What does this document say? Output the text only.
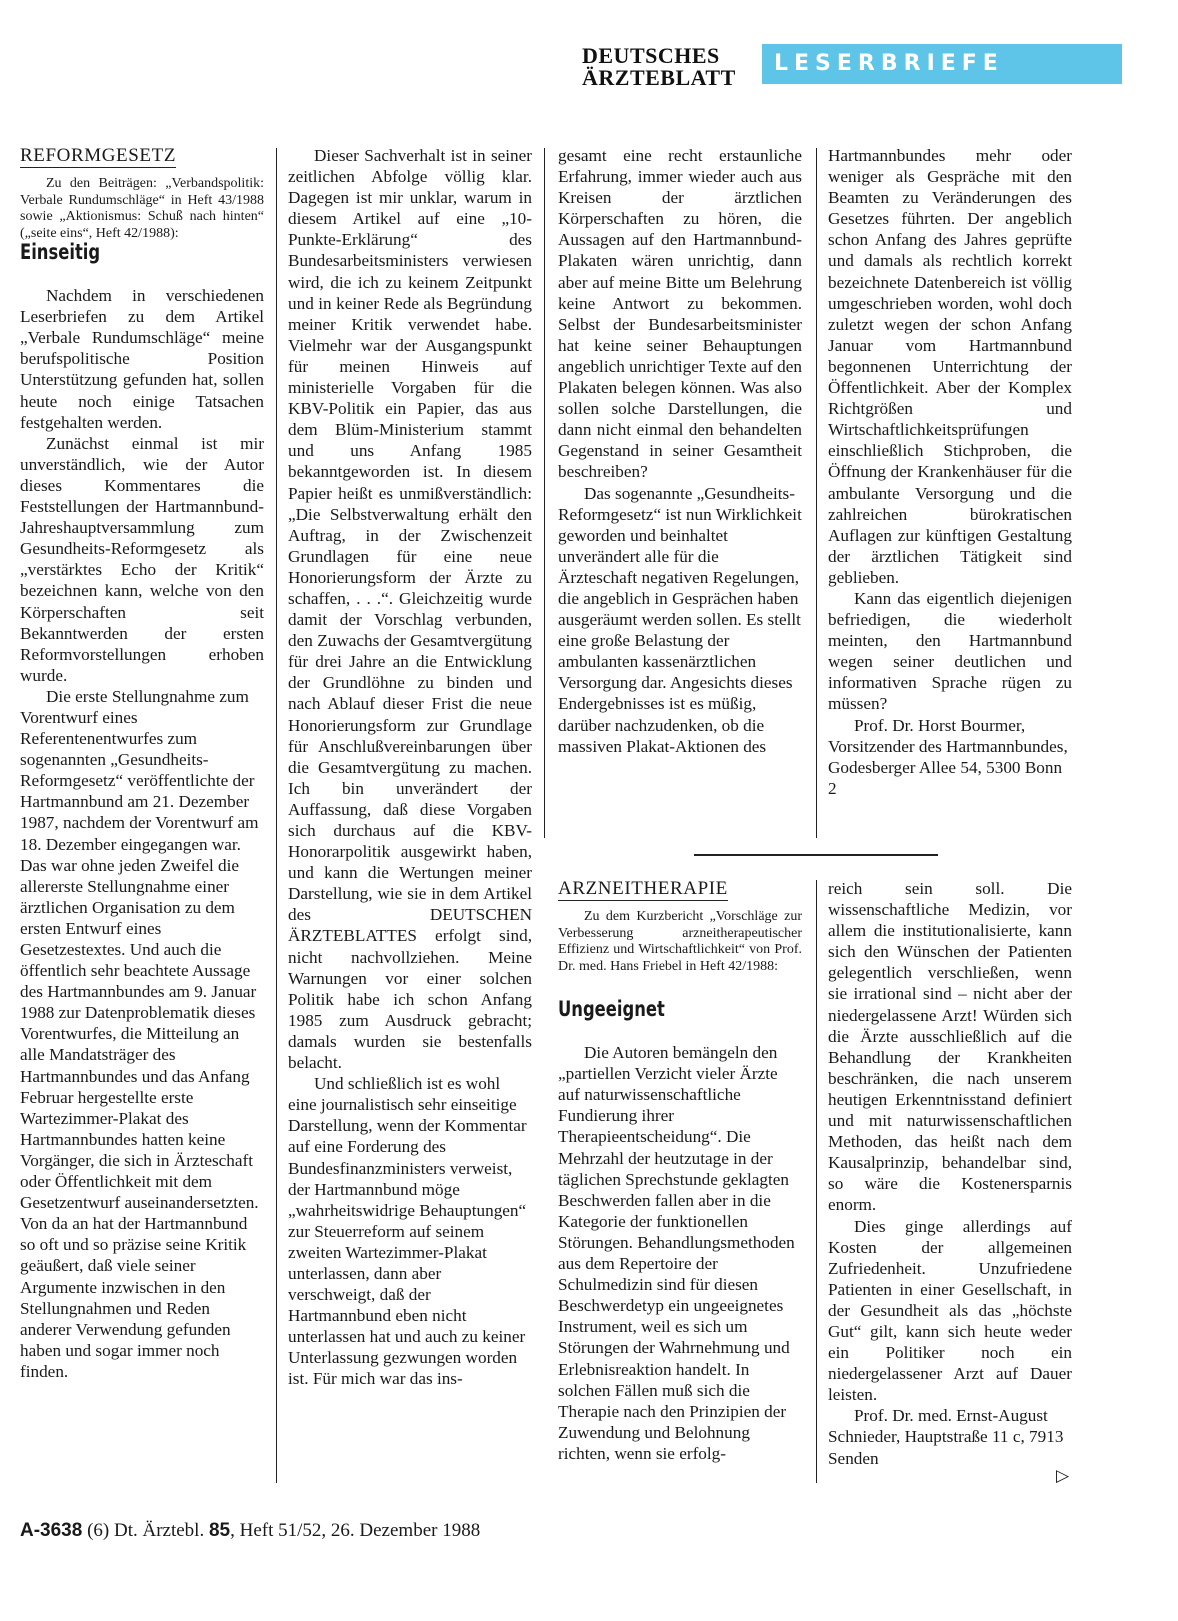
DEUTSCHES
ÄRZTEBLATT
LESERBRIEFE
REFORMGESETZ

Zu den Beiträgen: „Verbandspolitik: Verbale Rundumschläge“ in Heft 43/1988 sowie „Aktionismus: Schuß nach hinten“ („seite eins“, Heft 42/1988):

Einseitig

Nachdem in verschiedenen Leserbriefen zu dem Artikel „Verbale Rundumschläge“ meine berufspolitische Position Unterstützung gefunden hat, sollen heute noch einige Tatsachen festgehalten werden.

Zunächst einmal ist mir unverständlich, wie der Autor dieses Kommentares die Feststellungen der Hartmannbund-Jahreshauptversammlung zum Gesundheits-Reformgesetz als „verstärktes Echo der Kritik“ bezeichnen kann, welche von den Körperschaften seit Bekanntwerden der ersten Reformvorstellungen erhoben wurde.

Die erste Stellungnahme zum Vorentwurf eines Referentenentwurfes zum sogenannten „Gesundheits-Reformgesetz“ veröffentlichte der Hartmannbund am 21. Dezember 1987, nachdem der Vorentwurf am 18. Dezember eingegangen war. Das war ohne jeden Zweifel die allererste Stellungnahme einer ärztlichen Organisation zu dem ersten Entwurf eines Gesetzestextes. Und auch die öffentlich sehr beachtete Aussage des Hartmannbundes am 9. Januar 1988 zur Datenproblematik dieses Vorentwurfes, die Mitteilung an alle Mandatsträger des Hartmannbundes und das Anfang Februar hergestellte erste Wartezimmer-Plakat des Hartmannbundes hatten keine Vorgänger, die sich in Ärzteschaft oder Öffentlichkeit mit dem Gesetzentwurf auseinandersetzten. Von da an hat der Hartmannbund so oft und so präzise seine Kritik geäußert, daß viele seiner Argumente inzwischen in den Stellungnahmen und Reden anderer Verwendung gefunden haben und sogar immer noch finden.

Dieser Sachverhalt ist in seiner zeitlichen Abfolge völlig klar. Dagegen ist mir unklar, warum in diesem Artikel auf eine „10-Punkte-Erklärung“ des Bundesarbeitsministers verwiesen wird, die ich zu keinem Zeitpunkt und in keiner Rede als Begründung meiner Kritik verwendet habe. Vielmehr war der Ausgangspunkt für meinen Hinweis auf ministerielle Vorgaben für die KBV-Politik ein Papier, das aus dem Blüm-Ministerium stammt und uns Anfang 1985 bekanntgeworden ist. In diesem Papier heißt es unmißverständlich: „Die Selbstverwaltung erhält den Auftrag, in der Zwischenzeit Grundlagen für eine neue Honorierungsform der Ärzte zu schaffen, . . .“. Gleichzeitig wurde damit der Vorschlag verbunden, den Zuwachs der Gesamtvergütung für drei Jahre an die Entwicklung der Grundlöhne zu binden und nach Ablauf dieser Frist die neue Honorierungsform zur Grundlage für Anschlußvereinbarungen über die Gesamtvergütung zu machen. Ich bin unverändert der Auffassung, daß diese Vorgaben sich durchaus auf die KBV-Honorarpolitik ausgewirkt haben, und kann die Wertungen meiner Darstellung, wie sie in dem Artikel des DEUTSCHEN ÄRZTEBLATTES erfolgt sind, nicht nachvollziehen. Meine Warnungen vor einer solchen Politik habe ich schon Anfang 1985 zum Ausdruck gebracht; damals wurden sie bestenfalls belacht.

Und schließlich ist es wohl eine journalistisch sehr einseitige Darstellung, wenn der Kommentar auf eine Forderung des Bundesfinanzministers verweist, der Hartmannbund möge „wahrheitswidrige Behauptungen“ zur Steuerreform auf seinem zweiten Wartezimmer-Plakat unterlassen, dann aber verschweigt, daß der Hartmannbund eben nicht unterlassen hat und auch zu keiner Unterlassung gezwungen worden ist. Für mich war das ins-

gesamt eine recht erstaunliche Erfahrung, immer wieder auch aus Kreisen der ärztlichen Körperschaften zu hören, die Aussagen auf den Hartmannbund-Plakaten wären unrichtig, dann aber auf meine Bitte um Belehrung keine Antwort zu bekommen. Selbst der Bundesarbeitsminister hat keine seiner Behauptungen angeblich unrichtiger Texte auf den Plakaten belegen können. Was also sollen solche Darstellungen, die dann nicht einmal den behandelten Gegenstand in seiner Gesamtheit beschreiben?

Das sogenannte „Gesundheits-Reformgesetz“ ist nun Wirklichkeit geworden und beinhaltet unverändert alle für die Ärzteschaft negativen Regelungen, die angeblich in Gesprächen haben ausgeräumt werden sollen. Es stellt eine große Belastung der ambulanten kassenärztlichen Versorgung dar. Angesichts dieses Endergebnisses ist es müßig, darüber nachzudenken, ob die massiven Plakat-Aktionen des

Hartmannbundes mehr oder weniger als Gespräche mit den Beamten zu Veränderungen des Gesetzes führten. Der angeblich schon Anfang des Jahres geprüfte und damals als rechtlich korrekt bezeichnete Datenbereich ist völlig umgeschrieben worden, wohl doch zuletzt wegen der schon Anfang Januar vom Hartmannbund begonnenen Unterrichtung der Öffentlichkeit. Aber der Komplex Richtgrößen und Wirtschaftlichkeitsprüfungen einschließlich Stichproben, die Öffnung der Krankenhäuser für die ambulante Versorgung und die zahlreichen bürokratischen Auflagen zur künftigen Gestaltung der ärztlichen Tätigkeit sind geblieben.

Kann das eigentlich diejenigen befriedigen, die wiederholt meinten, den Hartmannbund wegen seiner deutlichen und informativen Sprache rügen zu müssen?

Prof. Dr. Horst Bourmer, Vorsitzender des Hartmannbundes, Godesberger Allee 54, 5300 Bonn 2

ARZNEITHERAPIE

Zu dem Kurzbericht „Vorschläge zur Verbesserung arzneitherapeutischer Effizienz und Wirtschaftlichkeit“ von Prof. Dr. med. Hans Friebel in Heft 42/1988:

Ungeeignet

Die Autoren bemängeln den „partiellen Verzicht vieler Ärzte auf naturwissenschaftliche Fundierung ihrer Therapieentscheidung“. Die Mehrzahl der heutzutage in der täglichen Sprechstunde geklagten Beschwerden fallen aber in die Kategorie der funktionellen Störungen. Behandlungsmethoden aus dem Repertoire der Schulmedizin sind für diesen Beschwerdetyp ein ungeeignetes Instrument, weil es sich um Störungen der Wahrnehmung und Erlebnisreaktion handelt. In solchen Fällen muß sich die Therapie nach den Prinzipien der Zuwendung und Belohnung richten, wenn sie erfolg-

reich sein soll. Die wissenschaftliche Medizin, vor allem die institutionalisierte, kann sich den Wünschen der Patienten gelegentlich verschließen, wenn sie irrational sind – nicht aber der niedergelassene Arzt! Würden sich die Ärzte ausschließlich auf die Behandlung der Krankheiten beschränken, die nach unserem heutigen Erkenntnisstand definiert und mit naturwissenschaftlichen Methoden, das heißt nach dem Kausalprinzip, behandelbar sind, so wäre die Kostenersparnis enorm.

Dies ginge allerdings auf Kosten der allgemeinen Zufriedenheit. Unzufriedene Patienten in einer Gesellschaft, in der Gesundheit als das „höchste Gut“ gilt, kann sich heute weder ein Politiker noch ein niedergelassener Arzt auf Dauer leisten.

Prof. Dr. med. Ernst-August Schnieder, Hauptstraße 11 c, 7913 Senden

▷
A-3638 (6) Dt. Ärztebl. 85, Heft 51/52, 26. Dezember 1988
